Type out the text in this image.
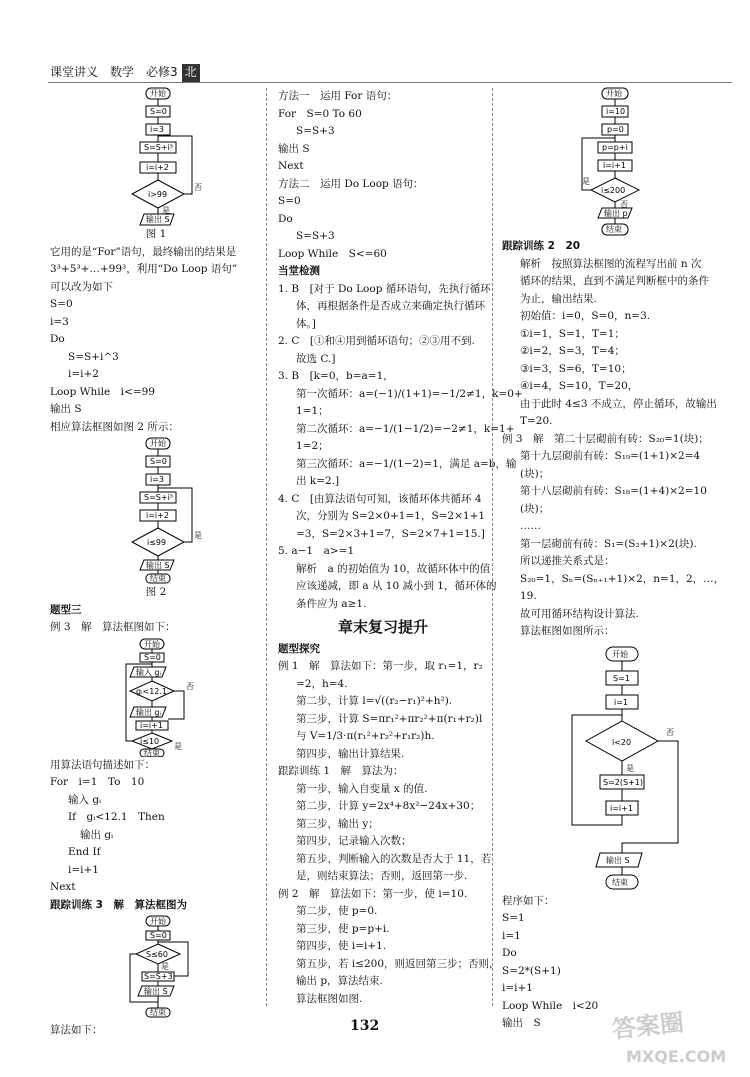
课堂讲义　数学　必修3 北
开始
S=0
i=3
S=S+i³
i=i+2
i>99
输出 S
否
是
图 1
它用的是“For”语句，最终输出的结果是
3³+5³+…+99³，利用“Do Loop 语句”
可以改为如下
S=0
i=3
Do
S=S+i^3
i=i+2
Loop While　i<=99
输出 S
相应算法框图如图 2 所示：
开始
S=0
i=3
S=S+i³
i=i+2
i≤99
输出 S
结束
是
图 2
题型三
例 3　解　算法框图如下：
开始
S=0
输入 gᵢ
gᵢ<12.1
输出 gᵢ
i=i+1
i≤10
结束
否
是
用算法语句描述如下：
For　i=1　To　10
输入 gᵢ
If　gᵢ<12.1　Then
输出 gᵢ
End If
i=i+1
Next
跟踪训练 3　解　算法框图为
开始
S=0
S≤60
S=S+3
输出 S
结束
是
算法如下：
方法一　运用 For 语句：
For　S=0 To 60
S=S+3
输出 S
Next
方法二　运用 Do Loop 语句：
S=0
Do
S=S+3
Loop While　S<=60
当堂检测
1. B　[对于 Do Loop 循环语句，先执行循环
体，再根据条件是否成立来确定执行循环
体。]
2. C　[①和④用到循环语句；②③用不到.
故选 C.]
3. B　[k=0，b=a=1，
第一次循环：a=(−1)/(1+1)=−1/2≠1，k=0+
1=1；
第二次循环：a=−1/(1−1/2)=−2≠1，k=1+
1=2；
第三次循环：a=−1/(1−2)=1，满足 a=b，输
出 k=2.]
4. C　[由算法语句可知，该循环体共循环 4
次，分别为 S=2×0+1=1，S=2×1+1
=3，S=2×3+1=7，S=2×7+1=15.]
5. a−1　a>=1
解析　a 的初始值为 10，故循环体中的值
应该递减，即 a 从 10 减小到 1，循环体的
条件应为 a≥1.
章末复习提升
题型探究
例 1　解　算法如下：第一步，取 r₁=1，r₂
=2，h=4.
第二步，计算 l=√((r₂−r₁)²+h²).
第三步，计算 S=πr₁²+πr₂²+π(r₁+r₂)l
与 V=1/3·π(r₁²+r₂²+r₁r₂)h.
第四步，输出计算结果.
跟踪训练 1　解　算法为：
第一步，输入自变量 x 的值.
第二步，计算 y=2x⁴+8x²−24x+30；
第三步，输出 y；
第四步，记录输入次数；
第五步，判断输入的次数是否大于 11，若
是，则结束算法；否则，返回第一步.
例 2　解　算法如下：第一步，使 i=10.
第二步，使 p=0.
第三步，使 p=p+i.
第四步，使 i=i+1.
第五步，若 i≤200，则返回第三步；否则，
输出 p，算法结束.
算法框图如图.
开始
i=10
p=0
p=p+i
i=i+1
i≤200
输出 p
结束
是
否
跟踪训练 2　20
解析　按照算法框图的流程写出前 n 次
循环的结果，直到不满足判断框中的条件
为止，输出结果.
初始值：i=0，S=0，n=3.
①i=1，S=1，T=1；
②i=2，S=3，T=4；
③i=3，S=6，T=10；
④i=4，S=10，T=20，
由于此时 4≤3 不成立，停止循环，故输出
T=20.
例 3　解　第二十层砌前有砖：S₂₀=1(块)；
第十九层砌前有砖：S₁₉=(1+1)×2=4
(块)；
第十八层砌前有砖：S₁₈=(1+4)×2=10
(块)；
……
第一层砌前有砖：S₁=(S₂+1)×2(块).
所以递推关系式是：
S₂₀=1，Sₙ=(Sₙ₊₁+1)×2，n=1，2，…，
19.
故可用循环结构设计算法.
算法框图如图所示：
开始
S=1
i=1
i<20
S=2(S+1)
i=i+1
输出 S
结束
是
否
程序如下：
S=1
i=1
Do
S=2*(S+1)
i=i+1
Loop While　i<20
输出　S
132	答案圈
MXQE.COM
